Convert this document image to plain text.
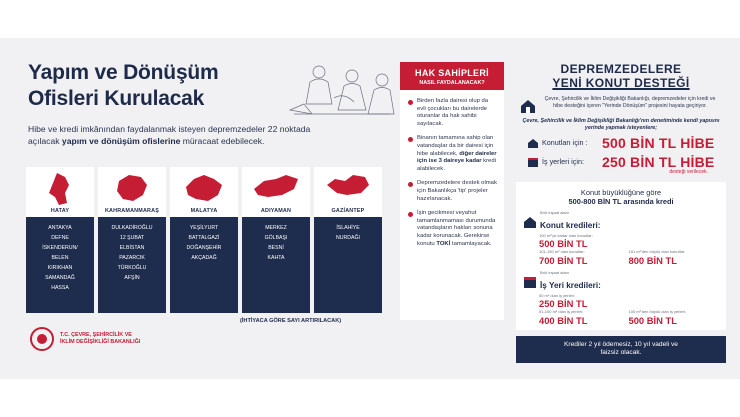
Yapım ve Dönüşüm
Ofisleri Kurulacak

Hibe ve kredi imkânından faydalanmak isteyen depremzedeler 22 noktada açılacak yapım ve dönüşüm ofislerine müracaat edebilecek.

HATAY
ANTAKYA
DEFNE
İSKENDERUN/
BELEN
KIRIKHAN
SAMANDAĞ
HASSA
KAHRAMANMARAŞ
DULKADİROĞLU
12 ŞUBAT
ELBİSTAN
PAZARCIK
TÜRKOĞLU
AFŞİN
MALATYA
YEŞİLYURT
BATTALGAZİ
DOĞANŞEHİR
AKÇADAĞ
ADIYAMAN
MERKEZ
GÖLBAŞI
BESNİ
KAHTA
GAZİANTEP
İSLAHİYE
NURDAĞI
(İHTİYACA GÖRE SAYI ARTIRILACAK)
T.C. ÇEVRE, ŞEHİRCİLİK VE
İKLİM DEĞİŞİKLİĞİ BAKANLIĞI
HAK SAHİPLERİ
NASIL FAYDALANACAK?
Birden fazla dairesi olup da evli çocukları bu dairelerde oturanlar da hak sahibi sayılacak.
Binanın tamamına sahip olan vatandaşlar da bir dairesi için hibe alabilecek, diğer daireler için ise 3 daireye kadar kredi alabilecek.
Depremzedelere destek olmak için Bakanlıkça 'tip' projeler hazırlanacak.
İşin gecikmesi veyahut tamamlanmaması durumunda vatandaşların hakları sonuna kadar korunacak. Gerekirse konutu TOKİ tamamlayacak.
DEPREMZEDELERE
YENİ KONUT DESTEĞİ
Çevre, Şehircilik ve İklim Değişikliği Bakanlığı, depremzedeler için kredi ve hibe desteğini içeren "Yerinde Dönüşüm" projesini hayata geçiriyor.
Çevre, Şehircilik ve İklim Değişikliği Bakanlığı'nın denetiminde kendi yapısını yerinde yapmak isteyenlere;
Konutları için :	500 BİN TL HİBE
İş yerleri için:	250 BİN TL HİBE
desteği verilecek.
Konut büyüklüğüne göre
500-800 BİN TL arasında kredi
Brüt inşaat alanı
Konut kredileri:
100 m²'ye kadar olan konutlar:
500 BİN TL
101-150 m² olan konutlar:
700 BİN TL
151 m²'den büyük olan konutlar:
800 BİN TL
Brüt inşaat alanı
İş Yeri kredileri:
50 m² olan iş yerleri:
250 BİN TL
51-100 m² olan iş yerleri:
400 BİN TL
100 m²'den büyük olan iş yerleri:
500 BİN TL
Krediler 2 yıl ödemesiz, 10 yıl vadeli ve
faizsiz olacak.
